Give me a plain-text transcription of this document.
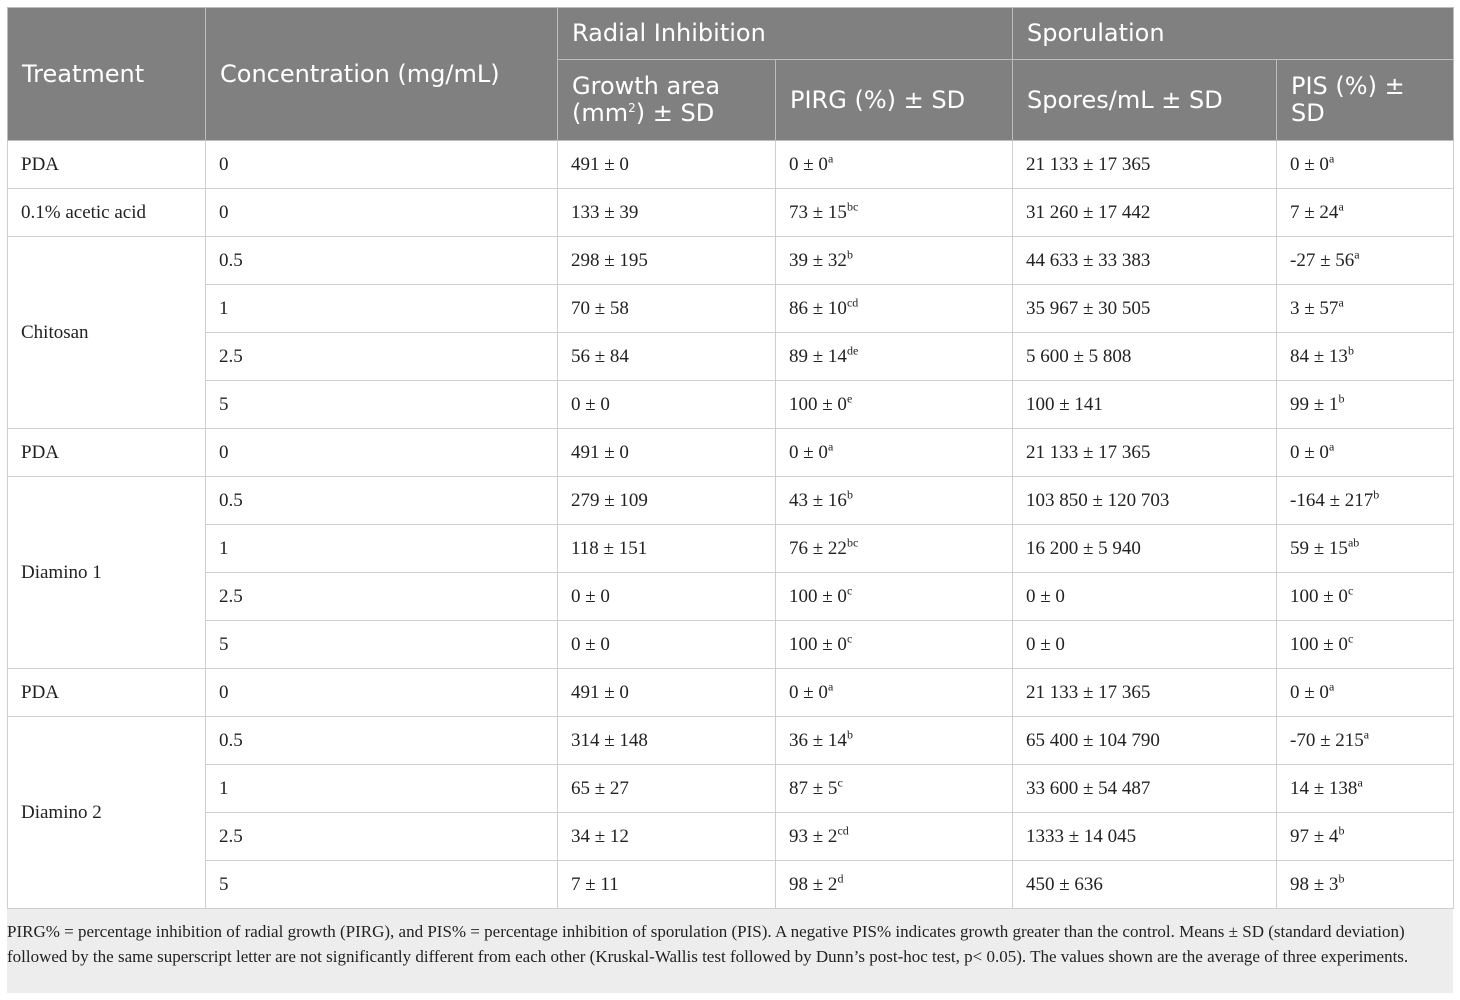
Treatment	Concentration (mg/mL)	Radial Inhibition		Sporulation	
		Growth area $(mm^2)$ ± SD	PIRG (%) ± SD	Spores/mL ± SD	PIS (%) ± SD
PDA	0	491 ± 0	$0 \pm 0^a$	21 133 ± 17 365	$0 \pm 0^a$
0.1% acetic acid	0	133 ± 39	$73 \pm 15^{bc}$	31 260 ± 17 442	$7 \pm 24^a$
Chitosan	0.5	298 ± 195	$39 \pm 32^b$	44 633 ± 33 383	$-27 \pm 56^a$
	1	70 ± 58	$86 \pm 10^{cd}$	35 967 ± 30 505	$3 \pm 57^a$
	2.5	56 ± 84	89 ± 14de	5 600 ± 5 808	$84 \pm 13^b$
	5	0 ± 0	$100 \pm 0^e$	100 ± 141	$99 \pm 1^b$
PDA	0	491 ± 0	$0 \pm 0^a$	21 133 ± 17 365	$0 \pm 0^a$
Diamino 1	0.5	279 ± 109	$43 \pm 16^b$	103 850 ± 120 703	$-164 \pm 217^b$
	1	118 ± 151	$76 \pm 22^{bc}$	16 200 ± 5 940	$59 \pm 15^{ab}$
	2.5	0 ± 0	$100 \pm 0^c$	0 ± 0	$100 \pm 0^c$
	5	0 ± 0	$100 \pm 0^c$	0 ± 0	$100 \pm 0^c$
PDA	0	491 ± 0	$0 \pm 0^a$	21 133 ± 17 365	$0 \pm 0^a$
Diamino 2	0.5	314 ± 148	$36 \pm 14^b$	65 400 ± 104 790	$-70 \pm 215^a$
	1	65 ± 27	$87 \pm 5^c$	33 600 ± 54 487	$14 \pm 138^a$
	2.5	34 ± 12	$93 \pm 2^{cd}$	1333 ± 14 045	$97 \pm 4^b$
	5	7 ± 11	$98 \pm 2^d$	450 ± 636	$98 \pm 3^b$
PIRG% = percentage inhibition of radial growth (PIRG), and PIS% = percentage inhibition of sporulation (PIS). A negative PIS% indicates growth greater than the control. Means ± SD (standard deviation) followed by the same superscript letter are not significantly different from each other (Kruskal-Wallis test followed by Dunn’s post-hoc test, p< 0.05). The values shown are the average of three experiments.
